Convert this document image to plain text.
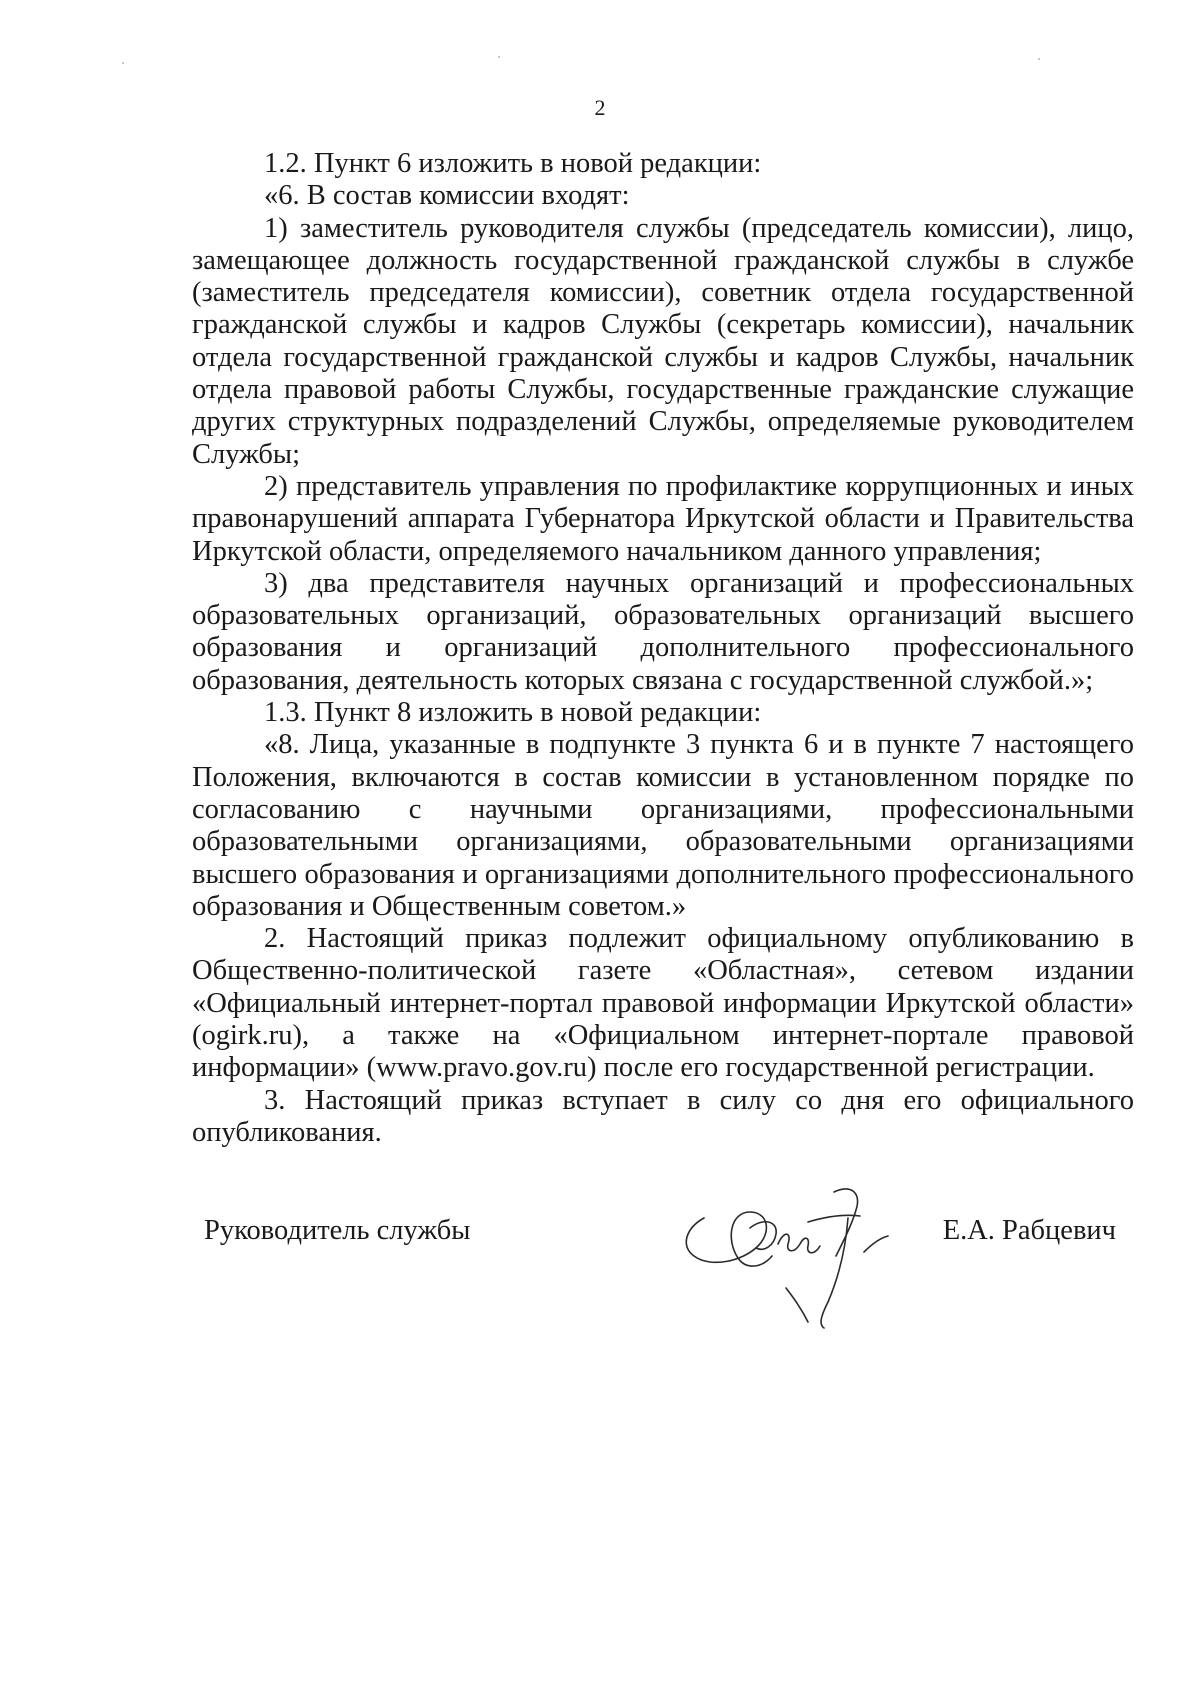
2

1.2. Пункт 6 изложить в новой редакции:

«6. В состав комиссии входят:

1) заместитель руководителя службы (председатель комиссии), лицо, замещающее должность государственной гражданской службы в службе (заместитель председателя комиссии), советник отдела государственной гражданской службы и кадров Службы (секретарь комиссии), начальник отдела государственной гражданской службы и кадров Службы, начальник отдела правовой работы Службы, государственные гражданские служащие других структурных подразделений Службы, определяемые руководителем Службы;

2) представитель управления по профилактике коррупционных и иных правонарушений аппарата Губернатора Иркутской области и Правительства Иркутской области, определяемого начальником данного управления;

3) два представителя научных организаций и профессиональных образовательных организаций, образовательных организаций высшего образования и организаций дополнительного профессионального образования, деятельность которых связана с государственной службой.»;

1.3. Пункт 8 изложить в новой редакции:

«8. Лица, указанные в подпункте 3 пункта 6 и в пункте 7 настоящего Положения, включаются в состав комиссии в установленном порядке по согласованию с научными организациями, профессиональными образовательными организациями, образовательными организациями высшего образования и организациями дополнительного профессионального образования и Общественным советом.»

2. Настоящий приказ подлежит официальному опубликованию в Общественно-политической газете «Областная», сетевом издании «Официальный интернет-портал правовой информации Иркутской области» (ogirk.ru), а также на «Официальном интернет-портале правовой информации» (www.pravo.gov.ru) после его государственной регистрации.

3. Настоящий приказ вступает в силу со дня его официального опубликования.

Руководитель службы	Е.А. Рабцевич
